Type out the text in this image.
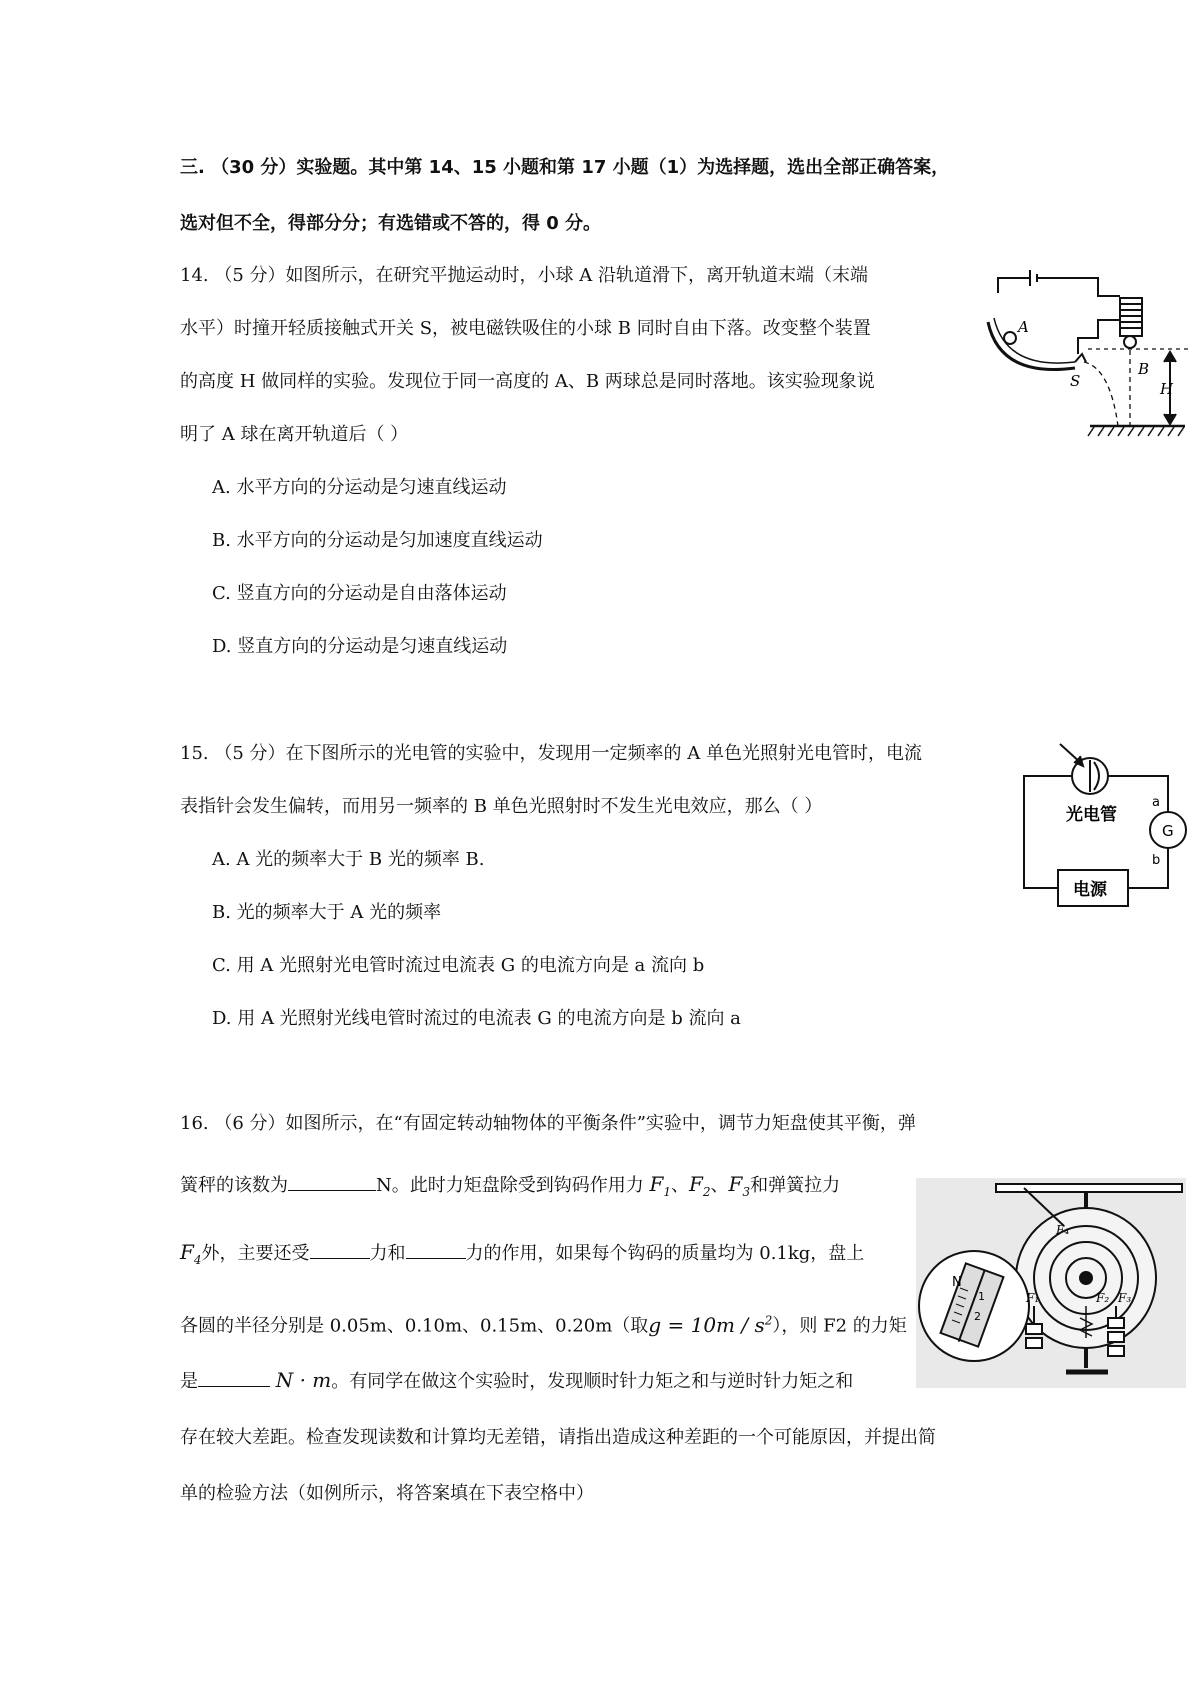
三. （30 分）实验题。其中第 14、15 小题和第 17 小题（1）为选择题，选出全部正确答案，
选对但不全，得部分分；有选错或不答的，得 0 分。
14. （5 分）如图所示，在研究平抛运动时，小球 A 沿轨道滑下，离开轨道末端（末端
水平）时撞开轻质接触式开关 S，被电磁铁吸住的小球 B 同时自由下落。改变整个装置
的高度 H 做同样的实验。发现位于同一高度的 A、B 两球总是同时落地。该实验现象说
明了 A 球在离开轨道后（ ）
A. 水平方向的分运动是匀速直线运动
B. 水平方向的分运动是匀加速度直线运动
C. 竖直方向的分运动是自由落体运动
D. 竖直方向的分运动是匀速直线运动
A
B
S	H
15. （5 分）在下图所示的光电管的实验中，发现用一定频率的 A 单色光照射光电管时，电流
表指针会发生偏转，而用另一频率的 B 单色光照射时不发生光电效应，那么（ ）
A. A 光的频率大于 B 光的频率 B.
B. 光的频率大于 A 光的频率
C. 用 A 光照射光电管时流过电流表 G 的电流方向是 a 流向 b
D. 用 A 光照射光线电管时流过的电流表 G 的电流方向是 b 流向 a
光电管
电源
G
a
b
16. （6 分）如图所示，在“有固定转动轴物体的平衡条件”实验中，调节力矩盘使其平衡，弹
簧秤的该数为	N。此时力矩盘除受到钩码作用力 $F_1$、$F_2$、$F_3$和弹簧拉力
$F_4$外，主要还受	力和	力的作用，如果每个钩码的质量均为 0.1kg，盘上
各圆的半径分别是 0.05m、0.10m、0.15m、0.20m（取$g = 10m / s^2$），则 F2 的力矩
是	N · m。有同学在做这个实验时，发现顺时针力矩之和与逆时针力矩之和
存在较大差距。检查发现读数和计算均无差错，请指出造成这种差距的一个可能原因，并提出简
单的检验方法（如例所示，将答案填在下表空格中）
N
1
2
F₄
F₁	F₂ F₃
